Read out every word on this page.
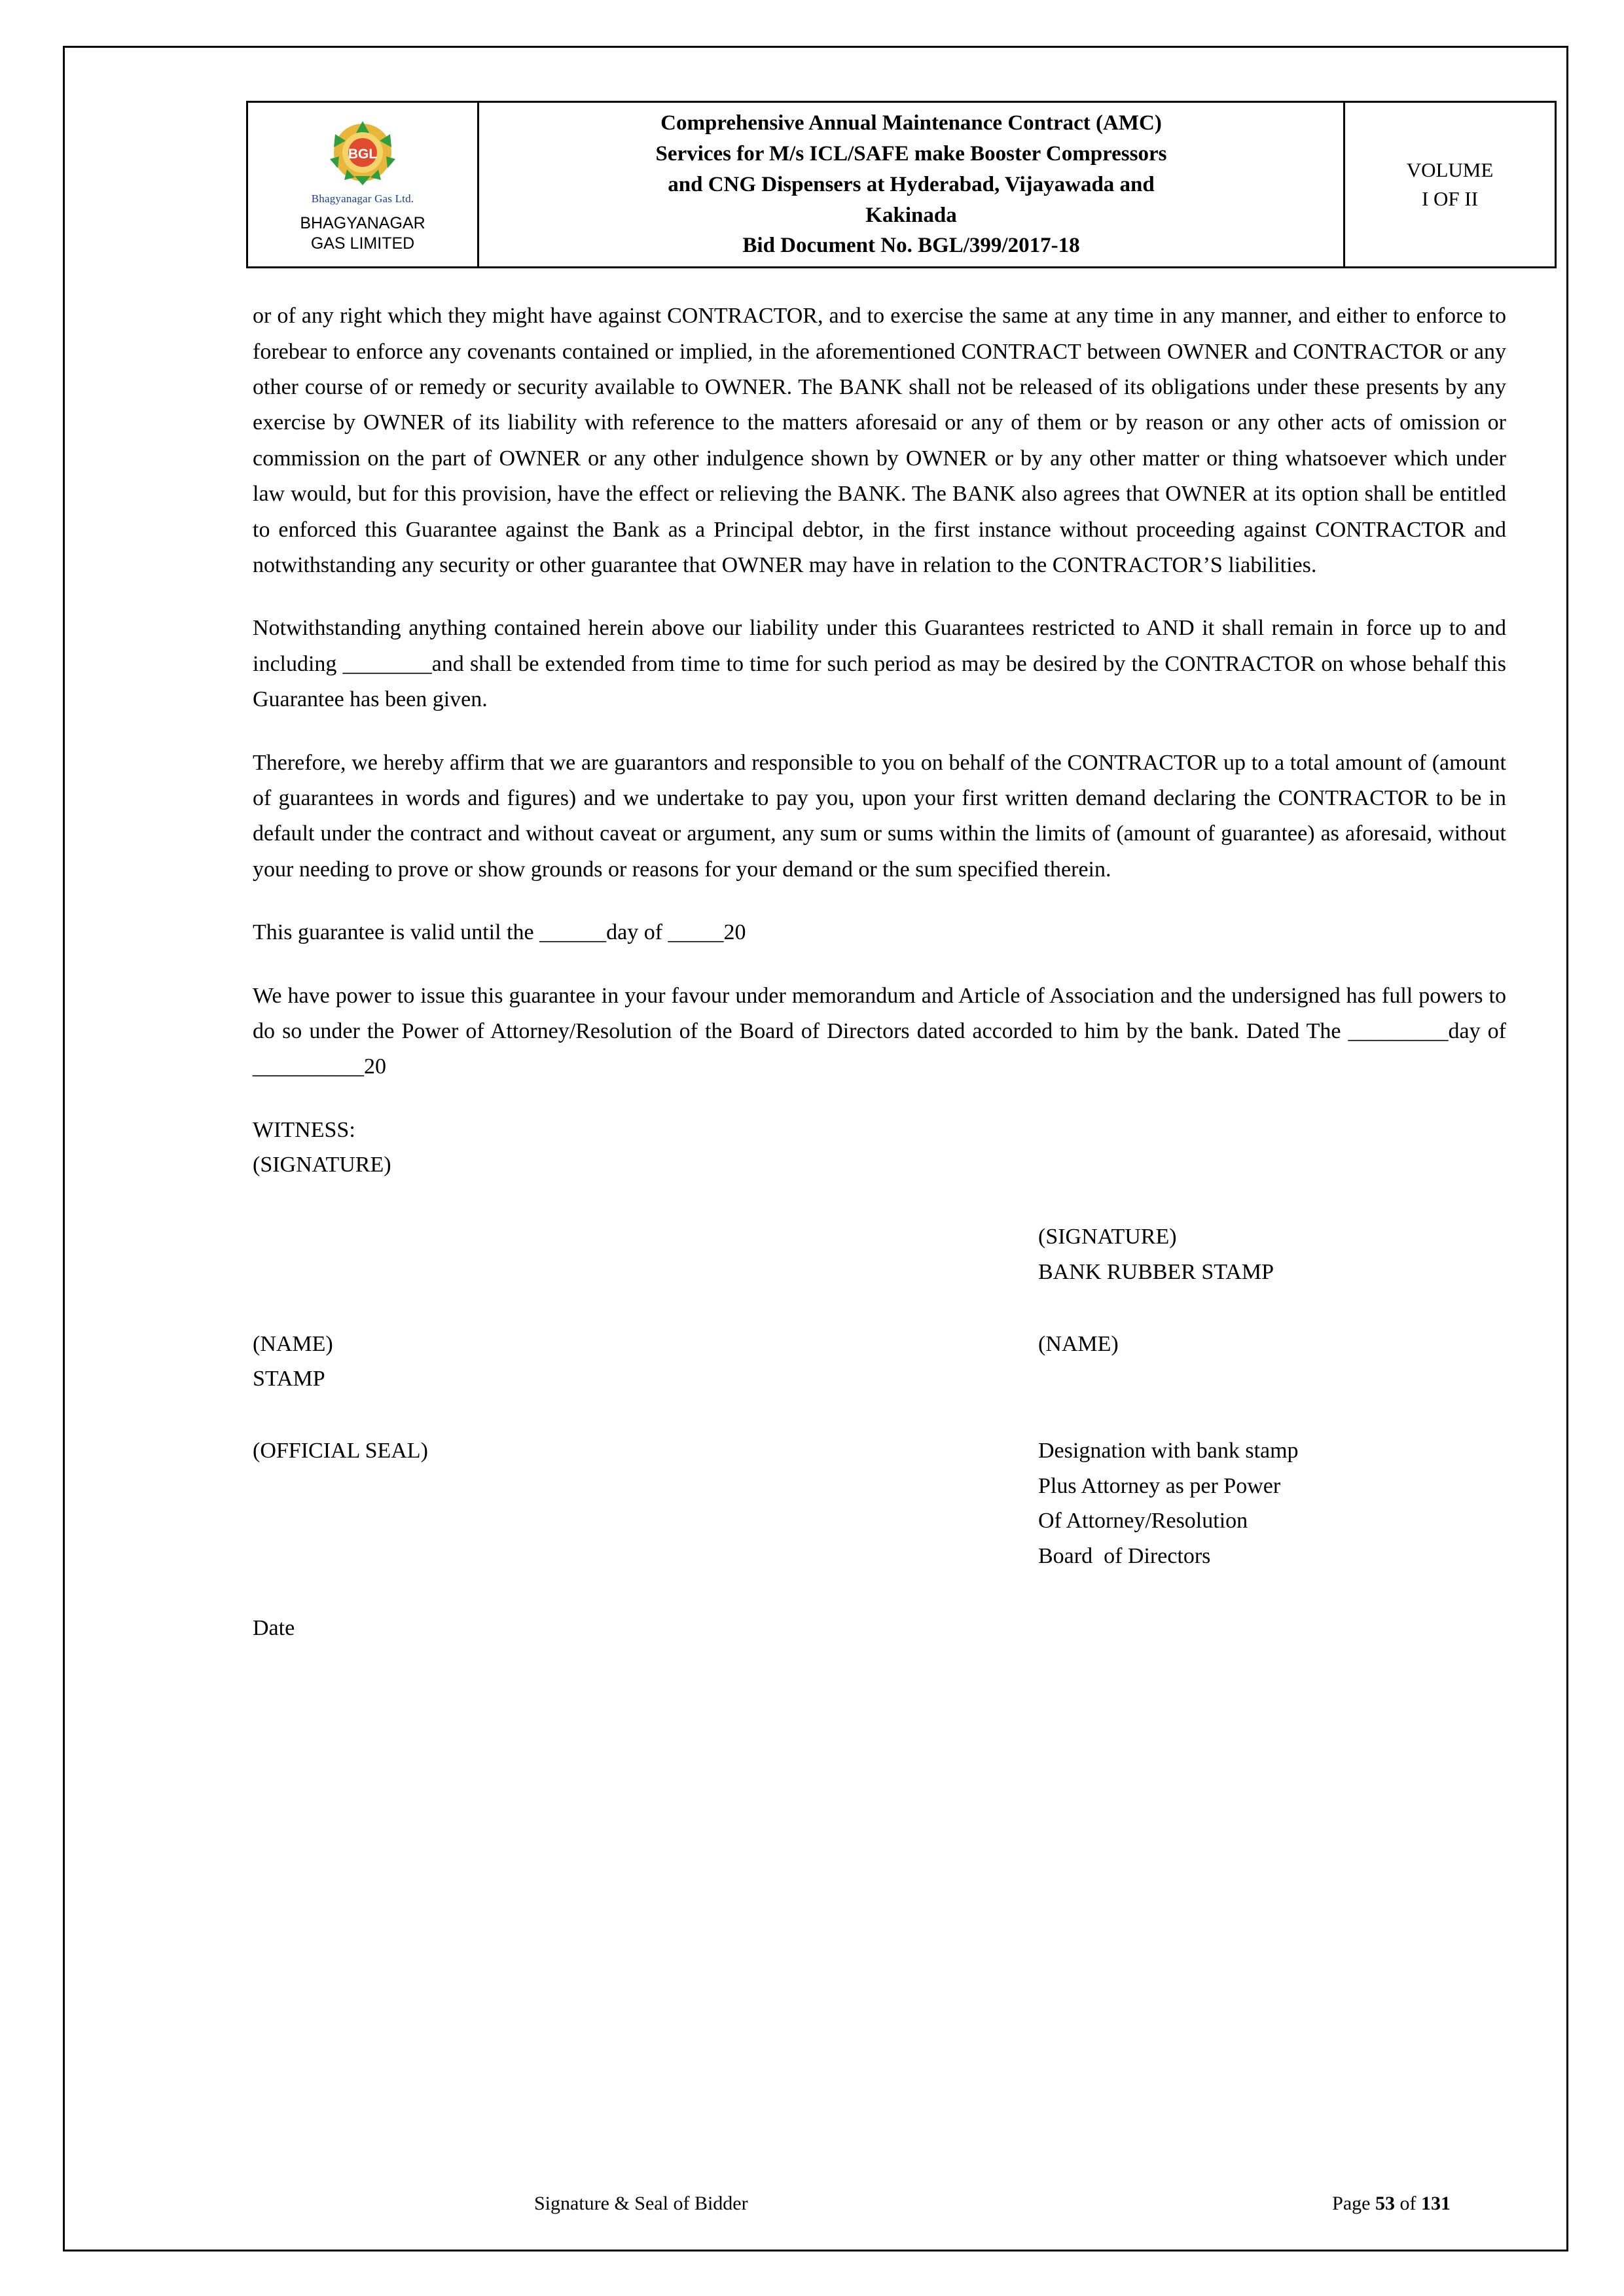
BGL
Bhagyanagar Gas Ltd.
BHAGYANAGAR
GAS LIMITED

Comprehensive Annual Maintenance Contract (AMC)
Services for M/s ICL/SAFE make Booster Compressors
and CNG Dispensers at Hyderabad, Vijayawada and
Kakinada
Bid Document No. BGL/399/2017-18

VOLUME
I OF II

or of any right which they might have against CONTRACTOR, and to exercise the same at any time in any manner, and either to enforce to forebear to enforce any covenants contained or implied, in the aforementioned CONTRACT between OWNER and CONTRACTOR or any other course of or remedy or security available to OWNER. The BANK shall not be released of its obligations under these presents by any exercise by OWNER of its liability with reference to the matters aforesaid or any of them or by reason or any other acts of omission or commission on the part of OWNER or any other indulgence shown by OWNER or by any other matter or thing whatsoever which under law would, but for this provision, have the effect or relieving the BANK. The BANK also agrees that OWNER at its option shall be entitled to enforced this Guarantee against the Bank as a Principal debtor, in the first instance without proceeding against CONTRACTOR and notwithstanding any security or other guarantee that OWNER may have in relation to the CONTRACTOR’S liabilities.

Notwithstanding anything contained herein above our liability under this Guarantees restricted to AND it shall remain in force up to and including ________and shall be extended from time to time for such period as may be desired by the CONTRACTOR on whose behalf this Guarantee has been given.

Therefore, we hereby affirm that we are guarantors and responsible to you on behalf of the CONTRACTOR up to a total amount of (amount of guarantees in words and figures) and we undertake to pay you, upon your first written demand declaring the CONTRACTOR to be in default under the contract and without caveat or argument, any sum or sums within the limits of (amount of guarantee) as aforesaid, without your needing to prove or show grounds or reasons for your demand or the sum specified therein.

This guarantee is valid until the ______day of _____20

We have power to issue this guarantee in your favour under memorandum and Article of Association and the undersigned has full powers to do so under the Power of Attorney/Resolution of the Board of Directors dated accorded to him by the bank. Dated The _________day of __________20

WITNESS:
(SIGNATURE)
(SIGNATURE)
BANK RUBBER STAMP
(NAME)
STAMP
(NAME)
(OFFICIAL SEAL)	Designation with bank stamp
Plus Attorney as per Power
Of Attorney/Resolution
Board  of Directors
Date
Signature & Seal of Bidder	Page 53 of 131
